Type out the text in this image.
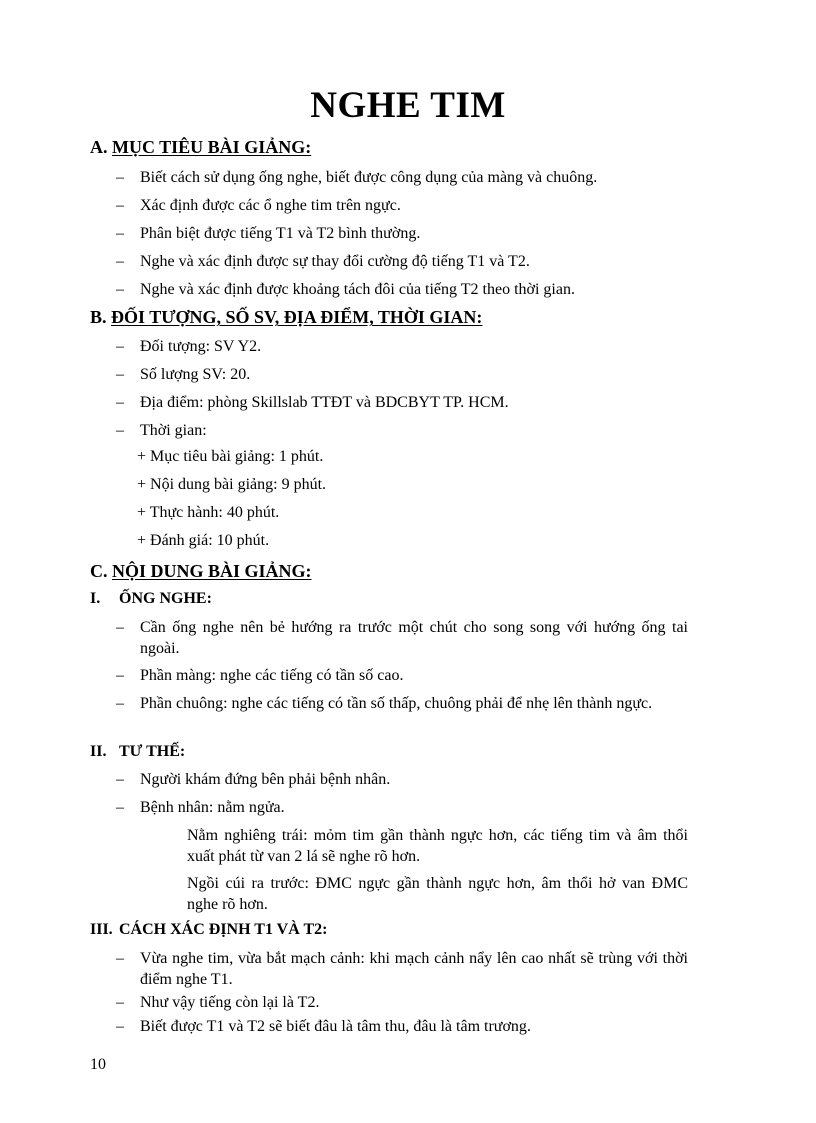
NGHE TIM
A. MỤC TIÊU BÀI GIẢNG:
– Biết cách sử dụng ống nghe, biết được công dụng của màng và chuông.
– Xác định được các ổ nghe tim trên ngực.
– Phân biệt được tiếng T1 và T2 bình thường.
– Nghe và xác định được sự thay đổi cường độ tiếng T1 và T2.
– Nghe và xác định được khoảng tách đôi của tiếng T2 theo thời gian.
B. ĐỐI TƯỢNG, SỐ SV, ĐỊA ĐIỂM, THỜI GIAN:
– Đối tượng: SV Y2.
– Số lượng SV: 20.
– Địa điểm: phòng Skillslab TTĐT và BDCBYT TP. HCM.
– Thời gian:
+ Mục tiêu bài giảng: 1 phút.
+ Nội dung bài giảng: 9 phút.
+ Thực hành: 40 phút.
+ Đánh giá: 10 phút.
C. NỘI DUNG BÀI GIẢNG:
I. ỐNG NGHE:
– Cần ống nghe nên bẻ hướng ra trước một chút cho song song với hướng ống tai ngoài.
– Phần màng: nghe các tiếng có tần số cao.
– Phần chuông: nghe các tiếng có tần số thấp, chuông phải để nhẹ lên thành ngực.
II. TƯ THẾ:
– Người khám đứng bên phải bệnh nhân.
– Bệnh nhân: nằm ngửa.
Nằm nghiêng trái: mỏm tim gần thành ngực hơn, các tiếng tim và âm thổi xuất phát từ van 2 lá sẽ nghe rõ hơn.
Ngồi cúi ra trước: ĐMC ngực gần thành ngực hơn, âm thổi hở van ĐMC nghe rõ hơn.
III. CÁCH XÁC ĐỊNH T1 VÀ T2:
– Vừa nghe tim, vừa bắt mạch cảnh: khi mạch cảnh nẩy lên cao nhất sẽ trùng với thời điểm nghe T1.
– Như vậy tiếng còn lại là T2.
– Biết được T1 và T2 sẽ biết đâu là tâm thu, đâu là tâm trương.
10
